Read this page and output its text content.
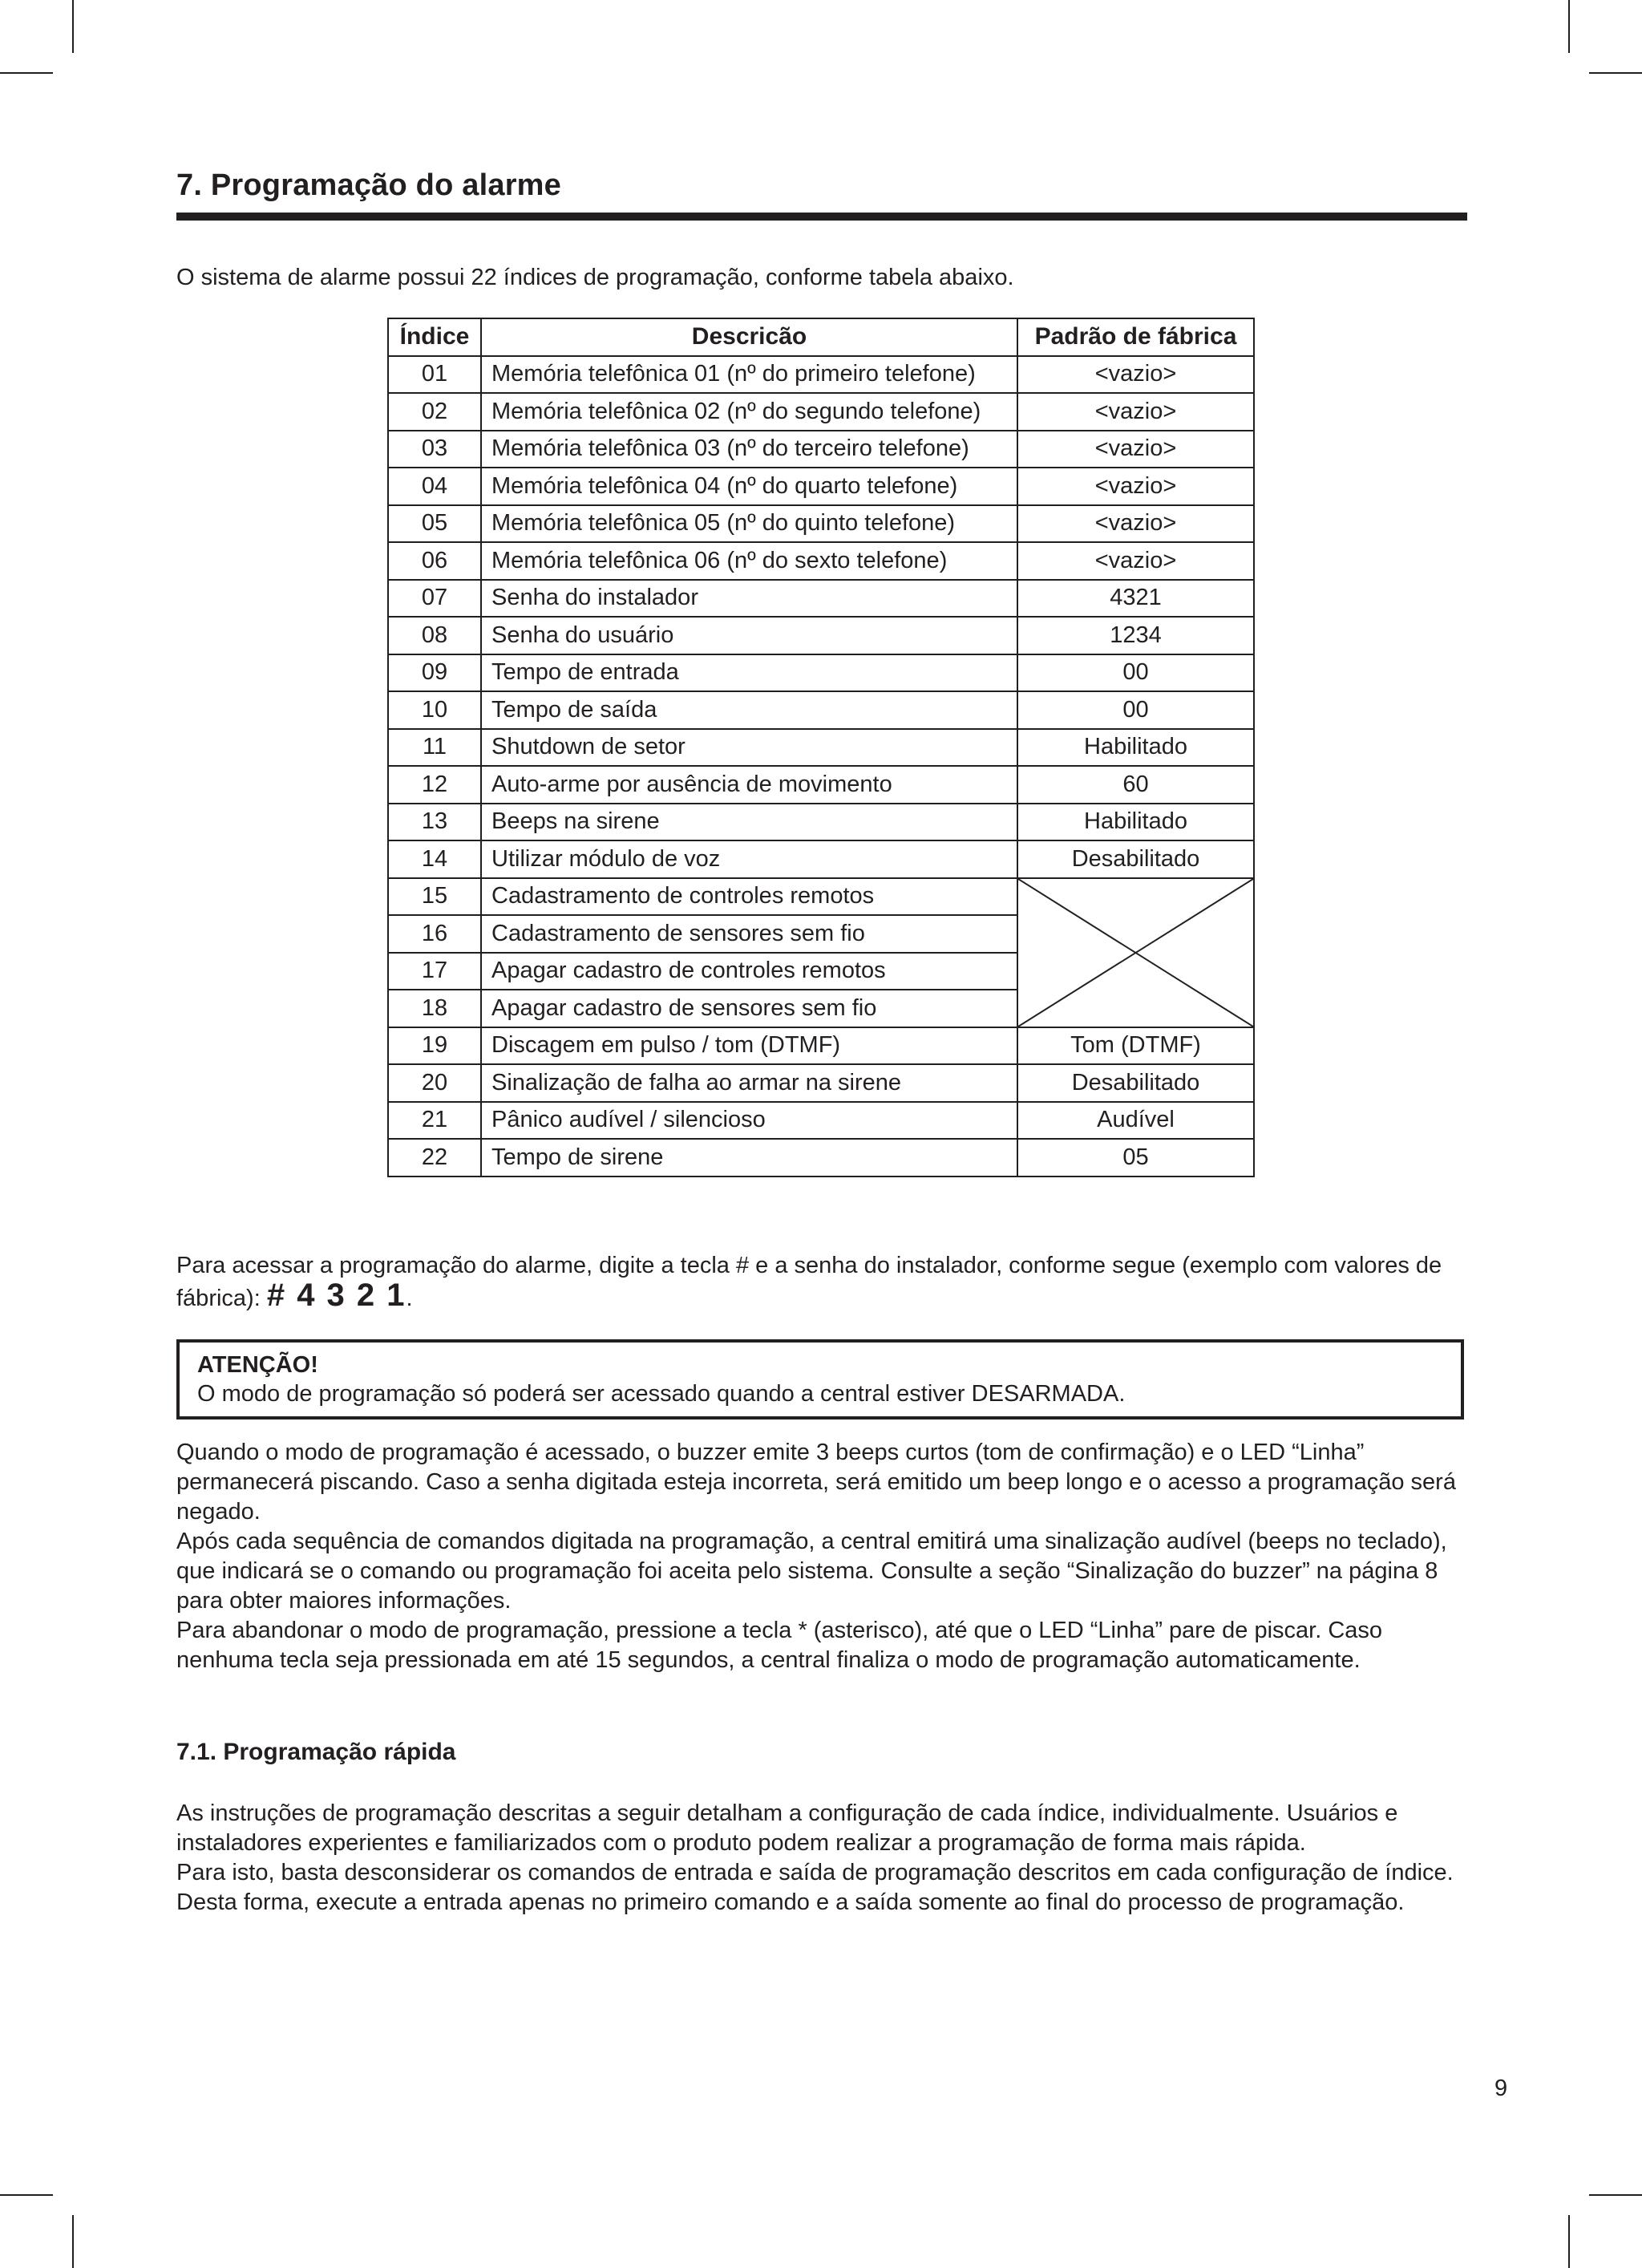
7. Programação do alarme

O sistema de alarme possui 22 índices de programação, conforme tabela abaixo.

Índice	Descricão	Padrão de fábrica
01	Memória telefônica 01 (nº do primeiro telefone)	<vazio>
02	Memória telefônica 02 (nº do segundo telefone)	<vazio>
03	Memória telefônica 03 (nº do terceiro telefone)	<vazio>
04	Memória telefônica 04 (nº do quarto telefone)	<vazio>
05	Memória telefônica 05 (nº do quinto telefone)	<vazio>
06	Memória telefônica 06 (nº do sexto telefone)	<vazio>
07	Senha do instalador	4321
08	Senha do usuário	1234
09	Tempo de entrada	00
10	Tempo de saída	00
11	Shutdown de setor	Habilitado
12	Auto-arme por ausência de movimento	60
13	Beeps na sirene	Habilitado
14	Utilizar módulo de voz	Desabilitado
15	Cadastramento de controles remotos	

16	Cadastramento de sensores sem fio	
17	Apagar cadastro de controles remotos	
18	Apagar cadastro de sensores sem fio	
19	Discagem em pulso / tom (DTMF)	Tom (DTMF)
20	Sinalização de falha ao armar na sirene	Desabilitado
21	Pânico audível / silencioso	Audível
22	Tempo de sirene	05

Para acessar a programação do alarme, digite a tecla # e a senha do instalador, conforme segue (exemplo com valores de fábrica): # 4 3 2 1.

ATENÇÃO!
O modo de programação só poderá ser acessado quando a central estiver DESARMADA.

Quando o modo de programação é acessado, o buzzer emite 3 beeps curtos (tom de confirmação) e o LED “Linha” permanecerá piscando. Caso a senha digitada esteja incorreta, será emitido um beep longo e o acesso a programação será negado.

Após cada sequência de comandos digitada na programação, a central emitirá uma sinalização audível (beeps no teclado), que indicará se o comando ou programação foi aceita pelo sistema. Consulte a seção “Sinalização do buzzer” na página 8 para obter maiores informações.

Para abandonar o modo de programação, pressione a tecla * (asterisco), até que o LED “Linha” pare de piscar. Caso nenhuma tecla seja pressionada em até 15 segundos, a central finaliza o modo de programação automaticamente.

7.1. Programação rápida

As instruções de programação descritas a seguir detalham a configuração de cada índice, individualmente. Usuários e instaladores experientes e familiarizados com o produto podem realizar a programação de forma mais rápida.

Para isto, basta desconsiderar os comandos de entrada e saída de programação descritos em cada configuração de índice. Desta forma, execute a entrada apenas no primeiro comando e a saída somente ao final do processo de programação.

9
